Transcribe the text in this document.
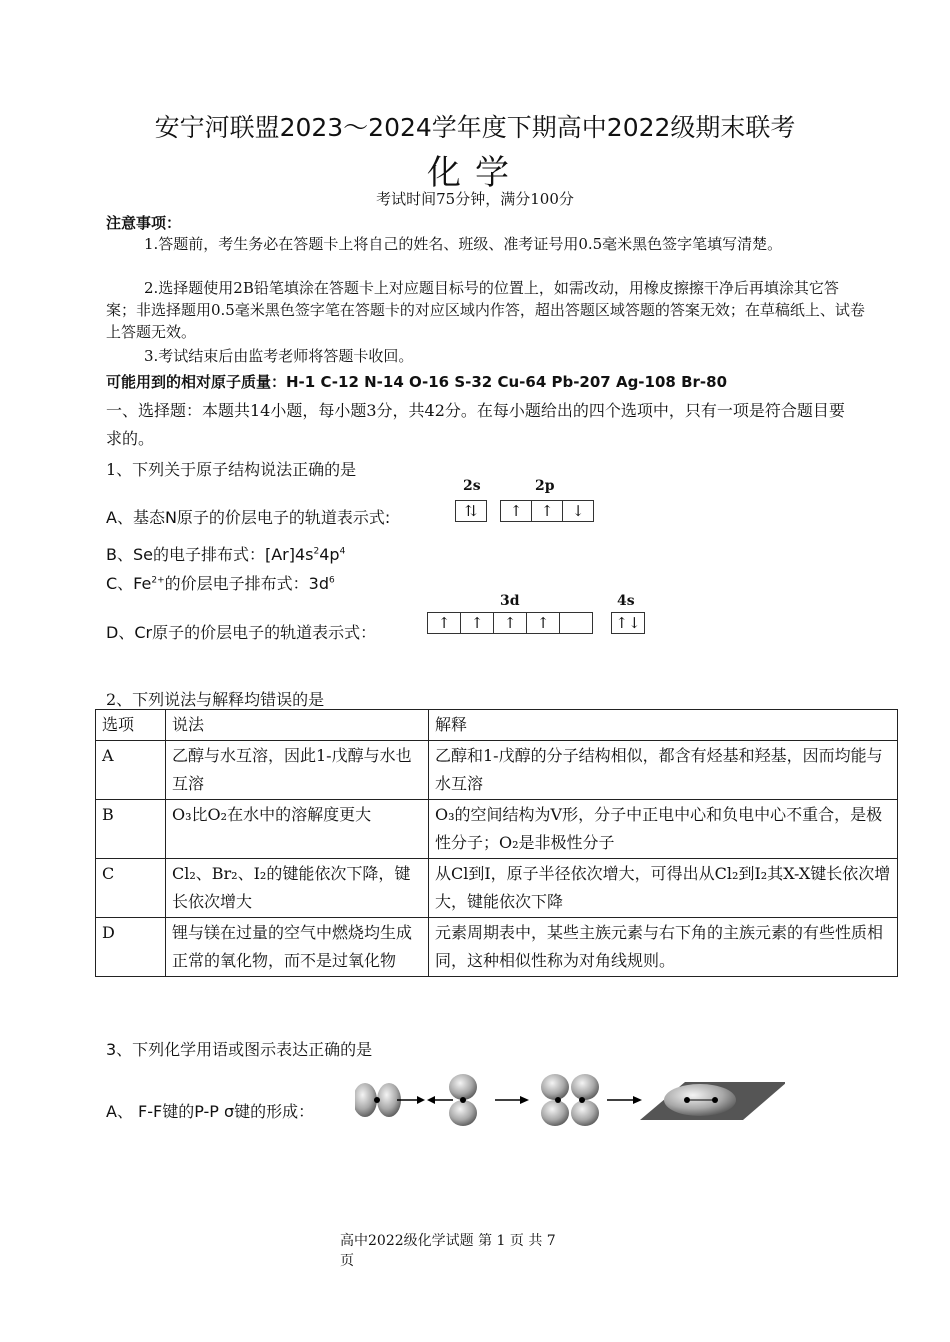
安宁河联盟2023～2024学年度下期高中2022级期末联考
化学
考试时间75分钟，满分100分
注意事项：
1.答题前，考生务必在答题卡上将自己的姓名、班级、准考证号用0.5毫米黑色签字笔填写清楚。
2.选择题使用2B铅笔填涂在答题卡上对应题目标号的位置上，如需改动，用橡皮擦擦干净后再填涂其它答案；非选择题用0.5毫米黑色签字笔在答题卡的对应区域内作答，超出答题区域答题的答案无效；在草稿纸上、试卷上答题无效。
3.考试结束后由监考老师将答题卡收回。
可能用到的相对原子质量：H-1 C-12 N-14 O-16 S-32 Cu-64 Pb-207 Ag-108 Br-80
一、选择题：本题共14小题，每小题3分，共42分。在每小题给出的四个选项中，只有一项是符合题目要求的。
1、下列关于原子结构说法正确的是
A、基态N原子的价层电子的轨道表示式:
2s	2p
⇅	↑	↑	↓
B、Se的电子排布式：$[Ar]4s^24p^4$
C、$Fe^{2+}$的价层电子排布式：$3d^6$
D、Cr原子的价层电子的轨道表示式：
3d	4s
↑	↑	↑	↑	↑↓
2、下列说法与解释均错误的是
选项	说法	解释
A	乙醇与水互溶，因此1-戊醇与水也互溶	乙醇和1-戊醇的分子结构相似，都含有烃基和羟基，因而均能与水互溶
B	O₃比O₂在水中的溶解度更大	O₃的空间结构为V形，分子中正电中心和负电中心不重合，是极性分子；O₂是非极性分子
C	Cl₂、Br₂、I₂的键能依次下降，键长依次增大	从Cl到I，原子半径依次增大，可得出从Cl₂到I₂其X-X键长依次增大，键能依次下降
D	锂与镁在过量的空气中燃烧均生成正常的氧化物，而不是过氧化物	元素周期表中，某些主族元素与右下角的主族元素的有些性质相同，这种相似性称为对角线规则。
3、下列化学用语或图示表达正确的是
A、 F-F键的P-P σ键的形成：
高中2022级化学试题 第 1 页 共 7
页
